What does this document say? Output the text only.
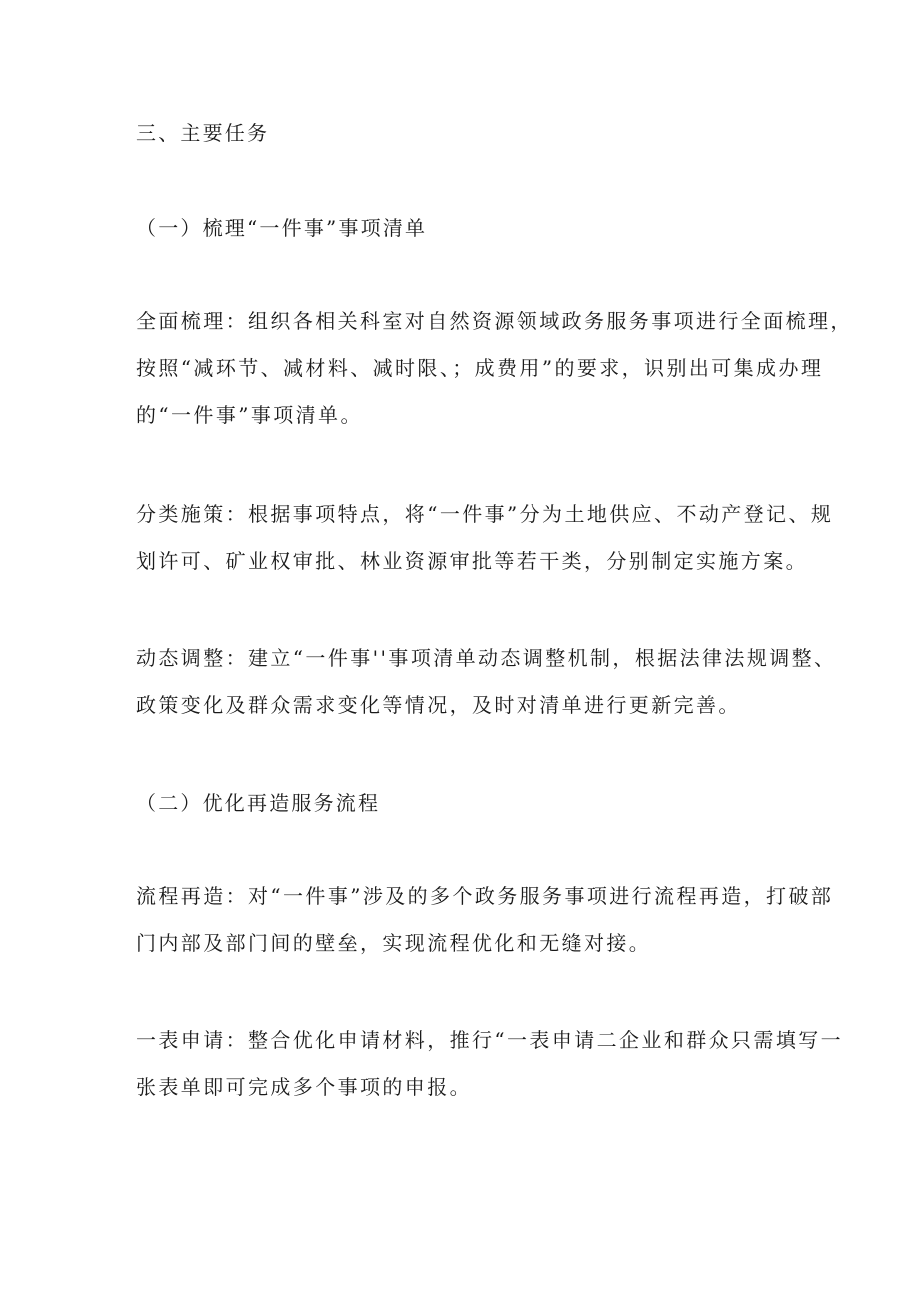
三、主要任务
（一）梳理“一件事”事项清单
全面梳理：组织各相关科室对自然资源领域政务服务事项进行全面梳理，
按照“减环节、减材料、减时限、；成费用”的要求，识别出可集成办理
的“一件事”事项清单。
分类施策：根据事项特点，将“一件事”分为土地供应、不动产登记、规
划许可、矿业权审批、林业资源审批等若干类，分别制定实施方案。
动态调整：建立“一件事''事项清单动态调整机制，根据法律法规调整、
政策变化及群众需求变化等情况，及时对清单进行更新完善。
（二）优化再造服务流程
流程再造：对“一件事”涉及的多个政务服务事项进行流程再造，打破部
门内部及部门间的壁垒，实现流程优化和无缝对接。
一表申请：整合优化申请材料，推行“一表申请二企业和群众只需填写一
张表单即可完成多个事项的申报。
